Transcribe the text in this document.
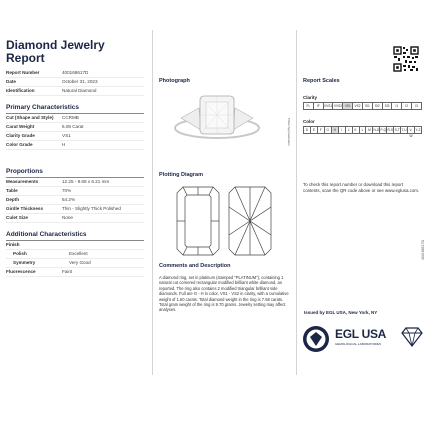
Diamond Jewelry
Report
Report Number	400168617D
Date	October 31, 2023
Identification	Natural Diamond
Primary Characteristics
Cut (Shape and Style)	CCRMB
Carat Weight	6.08 Carat
Clarity Grade	VS1
Color Grade	H
Proportions
Measurements	12.25 - 9.68 x 6.21 mm
Table	70%
Depth	64.2%
Girdle Thickness	Thin - Slightly Thick Polished
Culet Size	None
Additional Characteristics
Finish
Polish	Excellent
Symmetry	Very Good
Fluorescence	Faint
Photograph
Photo Approximation
Plotting Diagram
Comments and Description
A diamond ring, set in platinum (stamped "PLATINUM"), containing 1 natural cut cornered rectangular modified brilliant white diamond, as reported. The ring also contains 2 modified triangular brilliant side diamonds. Full are G - H in color, VS1 - VS2 in clarity, with a cumulative weight of 1.60 carats. Total diamond weight in the ring is 7.68 carats. Total gram weight of the ring is 9.70 grams. Jewelry setting may affect analyses.
Report Scales
Clarity
FL	IF	VVS1 VVS2 VS1	VS2	SI1	SI2	SI3	I1	I2	I3
Color
D	E	F	G	H	I	J	K	L	M N-O P-Q R-S S-T T-U V-W
Y-Z
To check this report number or download this report contents, scan the QR code above or see www.eglusa.com.
400168617D
Issued by EGL USA, New York, NY
EGL USA
GEMOLOGICAL LABORATORIES
